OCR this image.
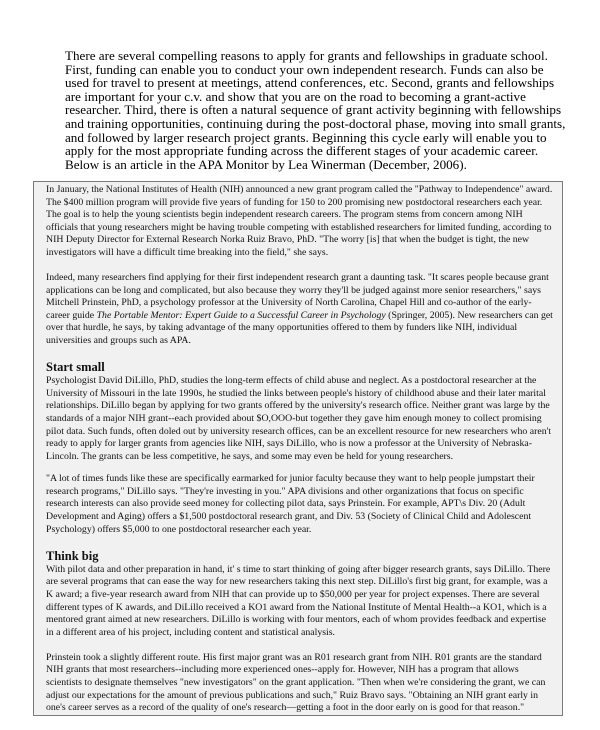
There are several compelling reasons to apply for grants and fellowships in graduate school. First, funding can enable you to conduct your own independent research. Funds can also be used for travel to present at meetings, attend conferences, etc. Second, grants and fellowships are important for your c.v. and show that you are on the road to becoming a grant-active researcher. Third, there is often a natural sequence of grant activity beginning with fellowships and training opportunities, continuing during the post-doctoral phase, moving into small grants, and followed by larger research project grants. Beginning this cycle early will enable you to apply for the most appropriate funding across the different stages of your academic career. Below is an article in the APA Monitor by Lea Winerman (December, 2006).

In January, the National Institutes of Health (NIH) announced a new grant program called the "Pathway to Independence" award. The $400 million program will provide five years of funding for 150 to 200 promising new postdoctoral researchers each year. The goal is to help the young scientists begin independent research careers. The program stems from concern among NIH officials that young researchers might be having trouble competing with established researchers for limited funding, according to NIH Deputy Director for External Research Norka Ruiz Bravo, PhD. "The worry [is] that when the budget is tight, the new investigators will have a difficult time breaking into the field," she says.

Indeed, many researchers find applying for their first independent research grant a daunting task. "It scares people because grant applications can be long and complicated, but also because they worry they'll be judged against more senior researchers," says Mitchell Prinstein, PhD, a psychology professor at the University of North Carolina, Chapel Hill and co-author of the early-career guide The Portable Mentor: Expert Guide to a Successful Career in Psychology (Springer, 2005). New researchers can get over that hurdle, he says, by taking advantage of the many opportunities offered to them by funders like NIH, individual universities and groups such as APA.

Start small

Psychologist David DiLillo, PhD, studies the long-term effects of child abuse and neglect. As a postdoctoral researcher at the University of Missouri in the late 1990s, he studied the links between people's history of childhood abuse and their later marital relationships. DiLillo began by applying for two grants offered by the university's research office. Neither grant was large by the standards of a major NIH grant--each provided about $O,OOO-but together they gave him enough money to collect promising pilot data. Such funds, often doled out by university research offices, can be an excellent resource for new researchers who aren't ready to apply for larger grants from agencies like NIH, says DiLillo, who is now a professor at the University of Nebraska-Lincoln. The grants can be less competitive, he says, and some may even be held for young researchers.

"A lot of times funds like these are specifically earmarked for junior faculty because they want to help people jumpstart their research programs," DiLillo says. "They're investing in you." APA divisions and other organizations that focus on specific research interests can also provide seed money for collecting pilot data, says Prinstein. For example, APT\s Div. 20 (Adult Development and Aging) offers a $1,500 postdoctoral research grant, and Div. 53 (Society of Clinical Child and Adolescent Psychology) offers $5,000 to one postdoctoral researcher each year.

Think big

With pilot data and other preparation in hand, it' s time to start thinking of going after bigger research grants, says DiLillo. There are several programs that can ease the way for new researchers taking this next step. DiLillo's first big grant, for example, was a K award; a five-year research award from NIH that can provide up to $50,000 per year for project expenses. There are several different types of K awards, and DiLillo received a KO1 award from the National Institute of Mental Health--a KO1, which is a mentored grant aimed at new researchers. DiLillo is working with four mentors, each of whom provides feedback and expertise in a different area of his project, including content and statistical analysis.

Prinstein took a slightly different route. His first major grant was an R01 research grant from NIH. R01 grants are the standard NIH grants that most researchers--including more experienced ones--apply for. However, NIH has a program that allows scientists to designate themselves "new investigators" on the grant application. "Then when we're considering the grant, we can adjust our expectations for the amount of previous publications and such," Ruiz Bravo says. "Obtaining an NIH grant early in one's career serves as a record of the quality of one's research—getting a foot in the door early on is good for that reason."
